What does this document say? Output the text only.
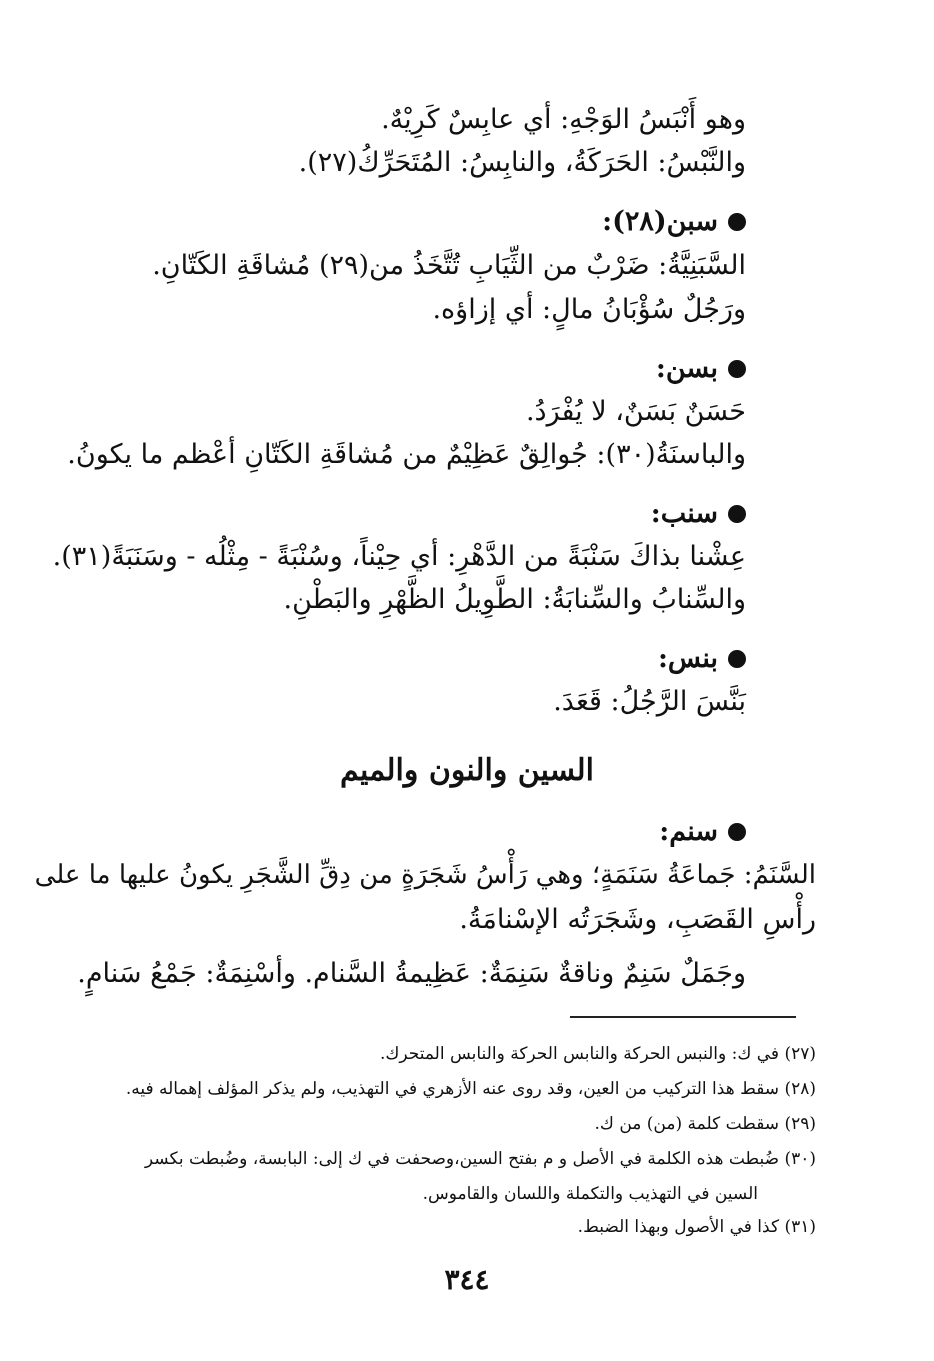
وهو أَنْبَسُ الوَجْهِ: أي عابِسٌ كَرِيْهٌ.
والنَّبْسُ: الحَرَكَةُ، والنابِسُ: المُتَحَرِّكُ(٢٧).
سبن(٢٨):
السَّبَنِيَّةُ: ضَرْبٌ من الثِّيَابِ تُتَّخَذُ من(٢٩) مُشاقَةِ الكَتّانِ.
ورَجُلٌ سُؤْبَانُ مالٍ: أي إزاؤه.
بسن:
حَسَنٌ بَسَنٌ، لا يُفْرَدُ.
والباسنَةُ(٣٠): جُوالِقٌ عَظِيْمٌ من مُشاقَةِ الكَتّانِ أعْظم ما يكونُ.
سنب:
عِشْنا بذاكَ سَنْبَةً من الدَّهْرِ: أي حِيْناً، وسُنْبَةً - مِثْلُه - وسَنَبَةً(٣١).
والسِّنابُ والسِّنابَةُ: الطَّوِيلُ الظَّهْرِ والبَطْنِ.
بنس:
بَنَّسَ الرَّجُلُ: قَعَدَ.
السين والنون والميم
سنم:
السَّنَمُ: جَماعَةُ سَنَمَةٍ؛ وهي رَأْسُ شَجَرَةٍ من دِقِّ الشَّجَرِ يكونُ عليها ما على
رأْسِ القَصَبِ، وشَجَرَتُه الإسْنامَةُ.
وجَمَلٌ سَنِمٌ وناقةٌ سَنِمَةٌ: عَظِيمةُ السَّنام. وأسْنِمَةٌ: جَمْعُ سَنامٍ.
(٢٧) في ك: والنبس الحركة والنابس الحركة والنابس المتحرك.
(٢٨) سقط هذا التركيب من العين، وقد روى عنه الأزهري في التهذيب، ولم يذكر المؤلف إهماله فيه.
(٢٩) سقطت كلمة (من) من ك.
(٣٠) ضُبطت هذه الكلمة في الأصل و م بفتح السين،وصحفت في ك إلى: البابسة، وضُبطت بكسر
السين في التهذيب والتكملة واللسان والقاموس.
(٣١) كذا في الأصول وبهذا الضبط.
٣٤٤
